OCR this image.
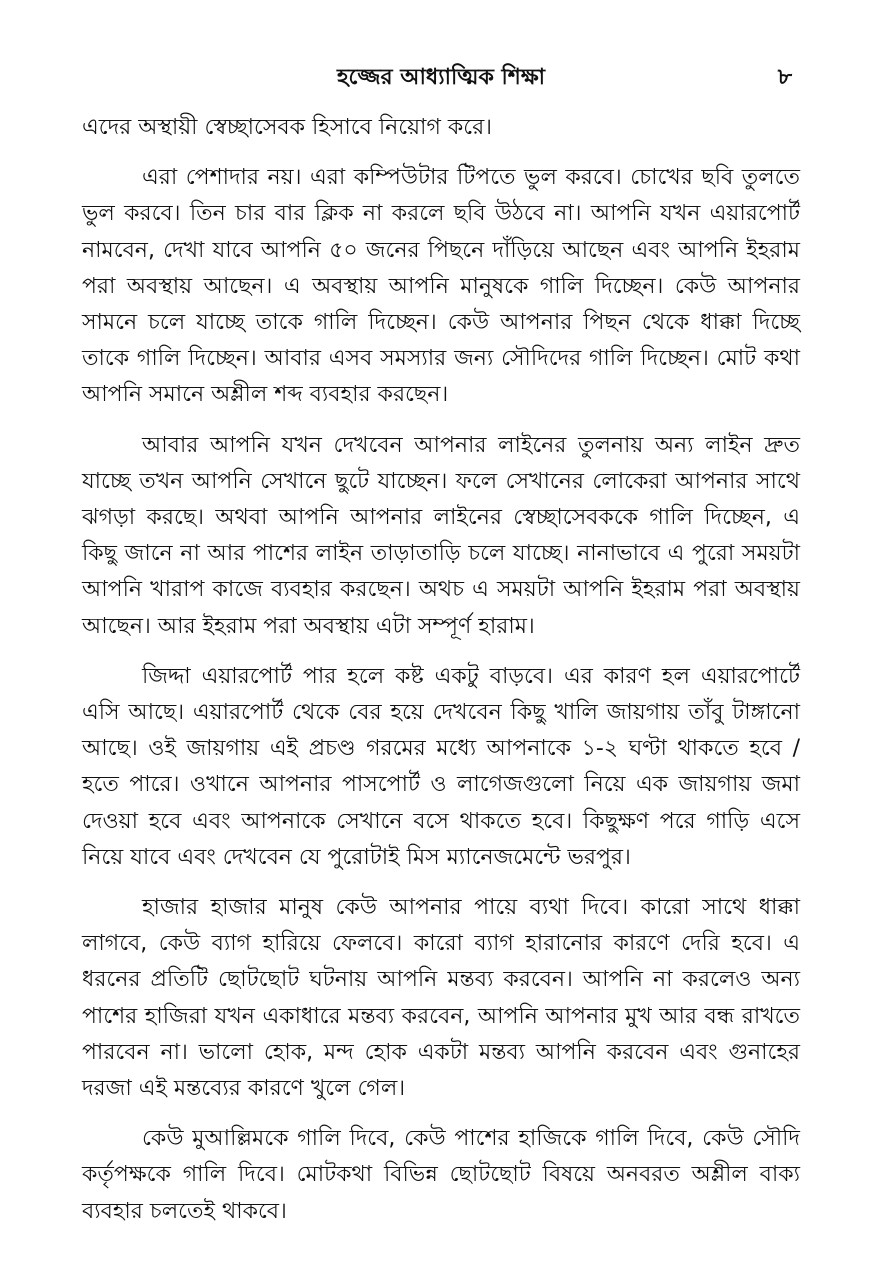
হজ্জের আধ্যাত্মিক শিক্ষা	৮

এদের অস্থায়ী স্বেচ্ছাসেবক হিসাবে নিয়োগ করে।

এরা পেশাদার নয়। এরা কম্পিউটার টিপতে ভুল করবে। চোখের ছবি তুলতে ভুল করবে। তিন চার বার ক্লিক না করলে ছবি উঠবে না। আপনি যখন এয়ারপোর্ট নামবেন, দেখা যাবে আপনি ৫০ জনের পিছনে দাঁড়িয়ে আছেন এবং আপনি ইহরাম পরা অবস্থায় আছেন। এ অবস্থায় আপনি মানুষকে গালি দিচ্ছেন। কেউ আপনার সামনে চলে যাচ্ছে তাকে গালি দিচ্ছেন। কেউ আপনার পিছন থেকে ধাক্কা দিচ্ছে তাকে গালি দিচ্ছেন। আবার এসব সমস্যার জন্য সৌদিদের গালি দিচ্ছেন। মোট কথা আপনি সমানে অশ্লীল শব্দ ব্যবহার করছেন।

আবার আপনি যখন দেখবেন আপনার লাইনের তুলনায় অন্য লাইন দ্রুত যাচ্ছে তখন আপনি সেখানে ছুটে যাচ্ছেন। ফলে সেখানের লোকেরা আপনার সাথে ঝগড়া করছে। অথবা আপনি আপনার লাইনের স্বেচ্ছাসেবককে গালি দিচ্ছেন, এ কিছু জানে না আর পাশের লাইন তাড়াতাড়ি চলে যাচ্ছে। নানাভাবে এ পুরো সময়টা আপনি খারাপ কাজে ব্যবহার করছেন। অথচ এ সময়টা আপনি ইহরাম পরা অবস্থায় আছেন। আর ইহরাম পরা অবস্থায় এটা সম্পূর্ণ হারাম।

জিদ্দা এয়ারপোর্ট পার হলে কষ্ট একটু বাড়বে। এর কারণ হল এয়ারপোর্টে এসি আছে। এয়ারপোর্ট থেকে বের হয়ে দেখবেন কিছু খালি জায়গায় তাঁবু টাঙ্গানো আছে। ওই জায়গায় এই প্রচণ্ড গরমের মধ্যে আপনাকে ১-২ ঘণ্টা থাকতে হবে / হতে পারে। ওখানে আপনার পাসপোর্ট ও লাগেজগুলো নিয়ে এক জায়গায় জমা দেওয়া হবে এবং আপনাকে সেখানে বসে থাকতে হবে। কিছুক্ষণ পরে গাড়ি এসে নিয়ে যাবে এবং দেখবেন যে পুরোটাই মিস ম্যানেজমেন্টে ভরপুর।

হাজার হাজার মানুষ কেউ আপনার পায়ে ব্যথা দিবে। কারো সাথে ধাক্কা লাগবে, কেউ ব্যাগ হারিয়ে ফেলবে। কারো ব্যাগ হারানোর কারণে দেরি হবে। এ ধরনের প্রতিটি ছোটছোট ঘটনায় আপনি মন্তব্য করবেন। আপনি না করলেও অন্য পাশের হাজিরা যখন একাধারে মন্তব্য করবেন, আপনি আপনার মুখ আর বন্ধ রাখতে পারবেন না। ভালো হোক, মন্দ হোক একটা মন্তব্য আপনি করবেন এবং গুনাহের দরজা এই মন্তব্যের কারণে খুলে গেল।

কেউ মুআল্লিমকে গালি দিবে, কেউ পাশের হাজিকে গালি দিবে, কেউ সৌদি কর্তৃপক্ষকে গালি দিবে। মোটকথা বিভিন্ন ছোটছোট বিষয়ে অনবরত অশ্লীল বাক্য ব্যবহার চলতেই থাকবে।
